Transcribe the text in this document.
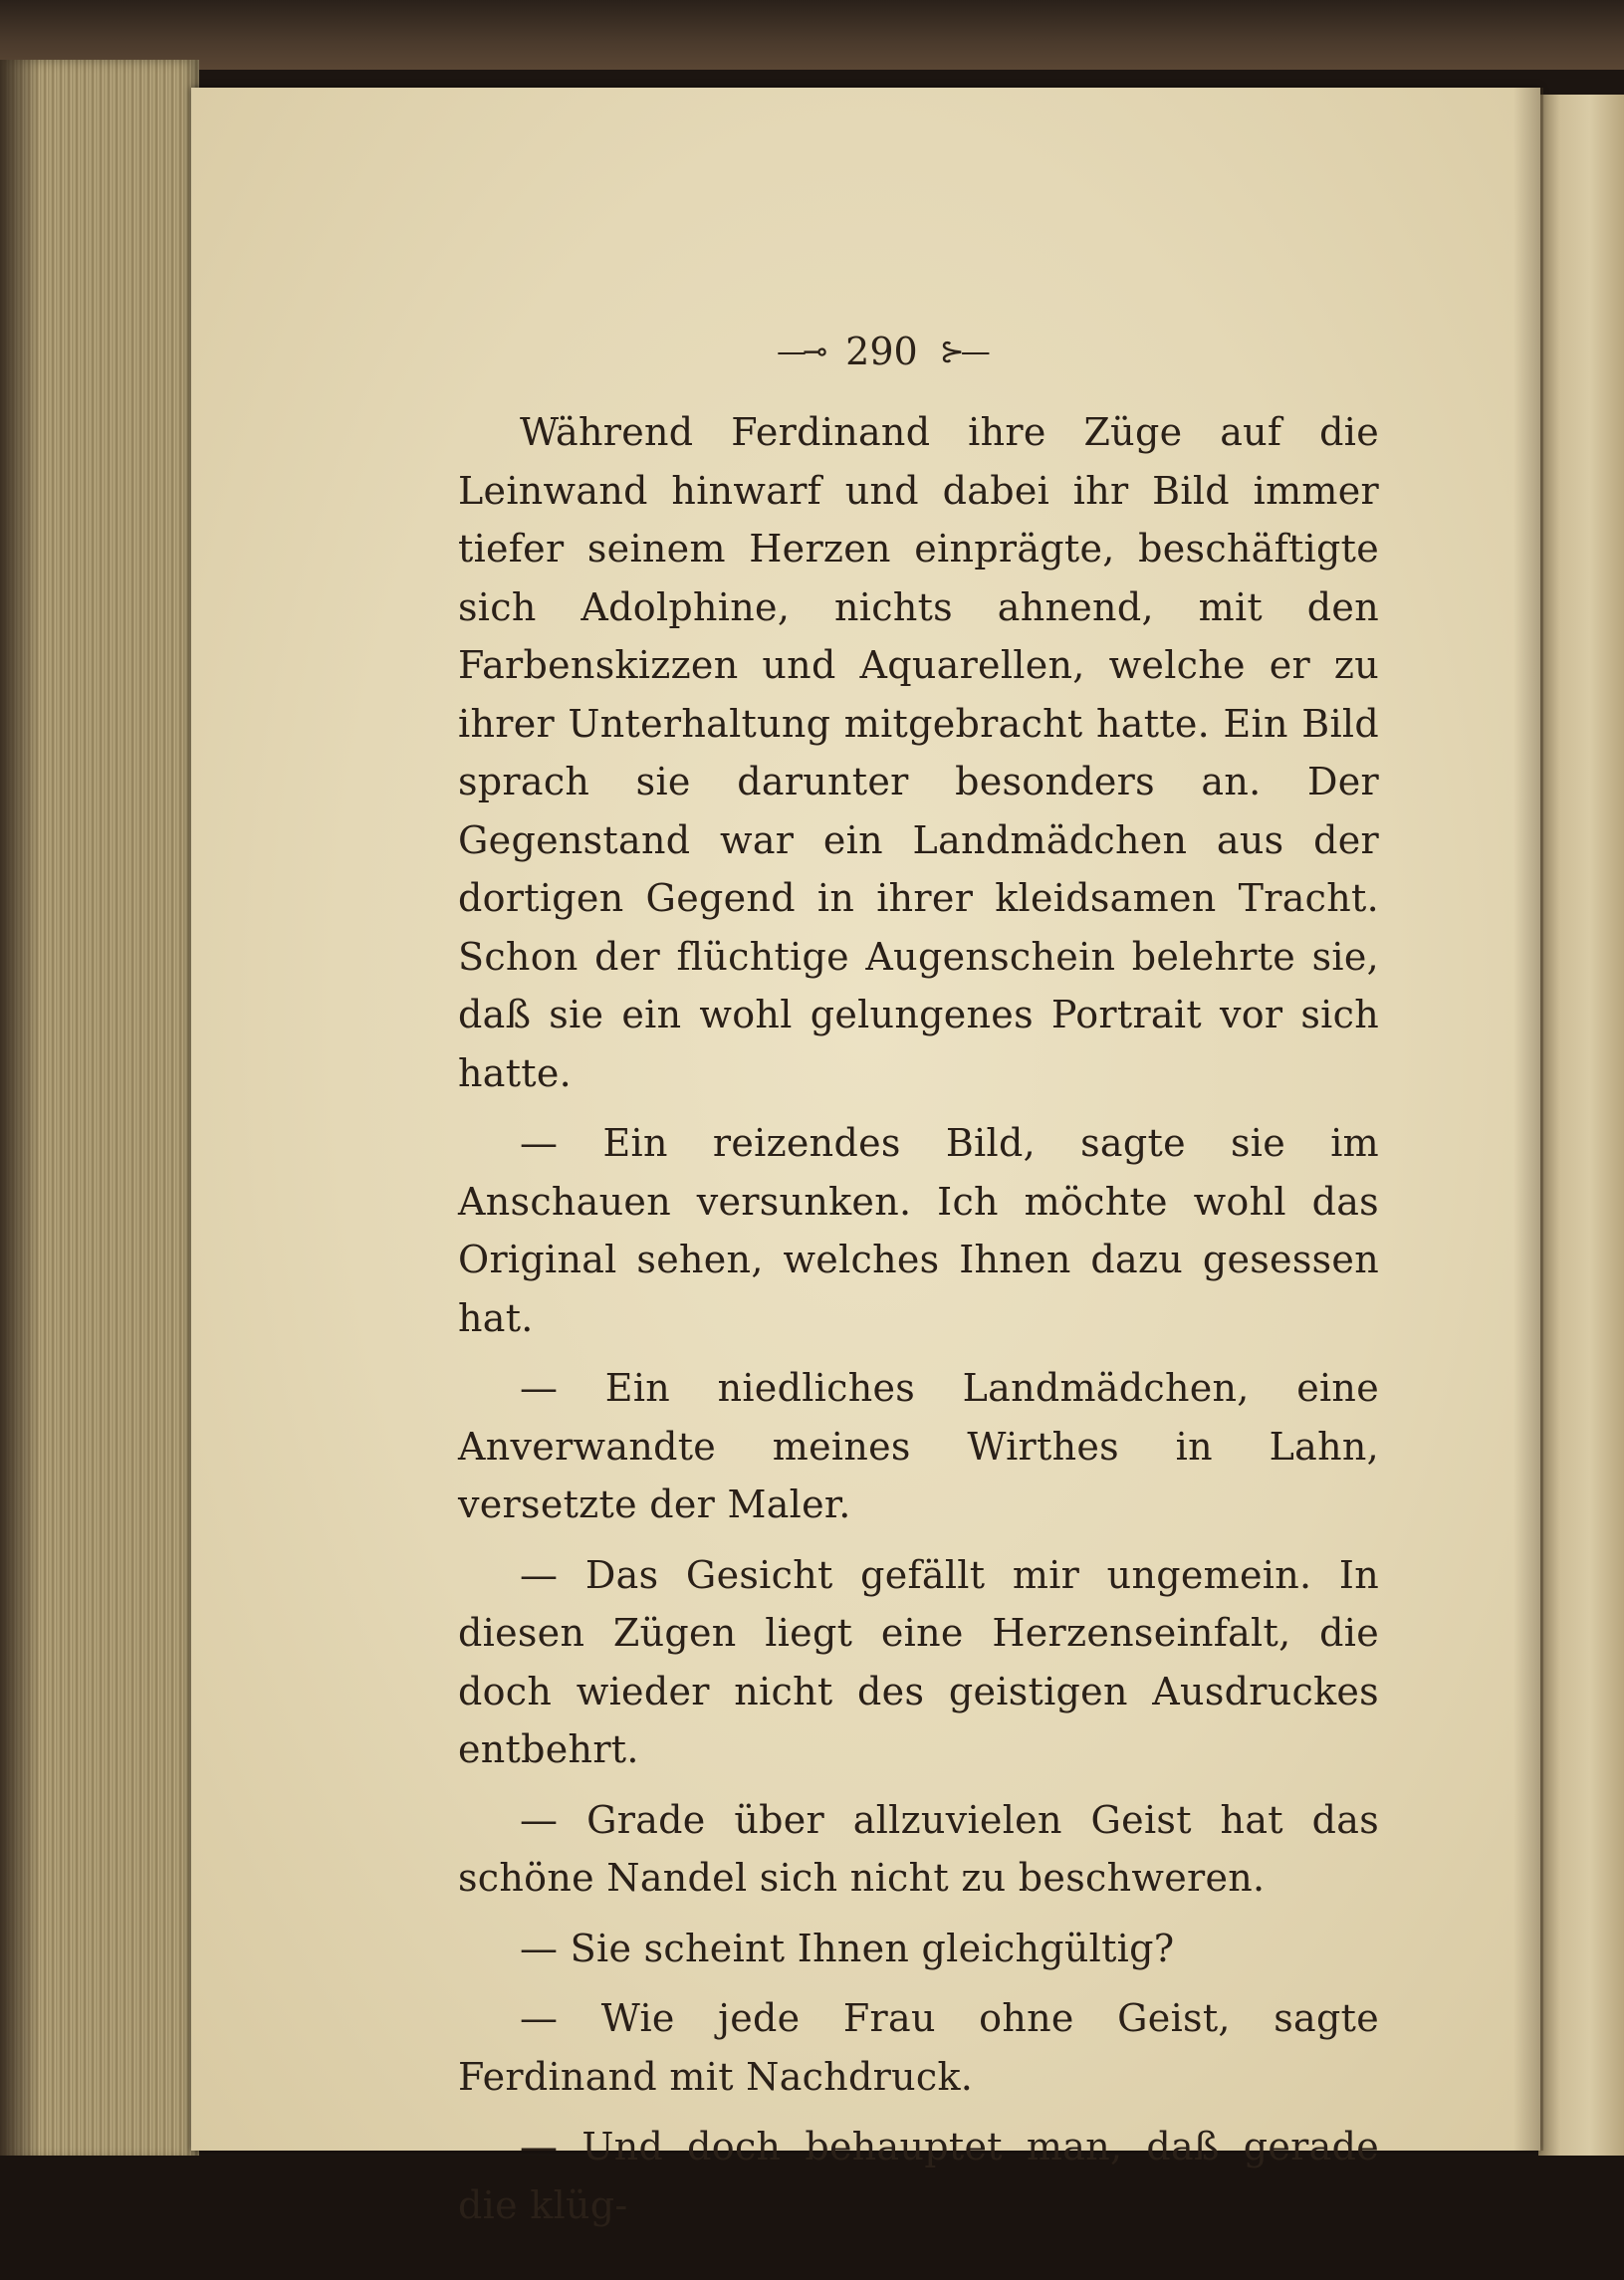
—⊸ 290 ⊱—

Während Ferdinand ihre Züge auf die Leinwand hinwarf und dabei ihr Bild immer tiefer seinem Herzen einprägte, beschäftigte sich Adolphine, nichts ahnend, mit den Farbenskizzen und Aquarellen, welche er zu ihrer Unterhaltung mitgebracht hatte. Ein Bild sprach sie darunter besonders an. Der Gegenstand war ein Landmädchen aus der dortigen Gegend in ihrer kleidsamen Tracht. Schon der flüchtige Augenschein belehrte sie, daß sie ein wohl gelungenes Portrait vor sich hatte.

— Ein reizendes Bild, sagte sie im Anschauen versunken. Ich möchte wohl das Original sehen, welches Ihnen dazu gesessen hat.

— Ein niedliches Landmädchen, eine Anverwandte meines Wirthes in Lahn, versetzte der Maler.

— Das Gesicht gefällt mir ungemein. In diesen Zügen liegt eine Herzenseinfalt, die doch wieder nicht des geistigen Ausdruckes entbehrt.

— Grade über allzuvielen Geist hat das schöne Nandel sich nicht zu beschweren.

— Sie scheint Ihnen gleichgültig?

— Wie jede Frau ohne Geist, sagte Ferdinand mit Nachdruck.

— Und doch behauptet man, daß gerade die klüg-
